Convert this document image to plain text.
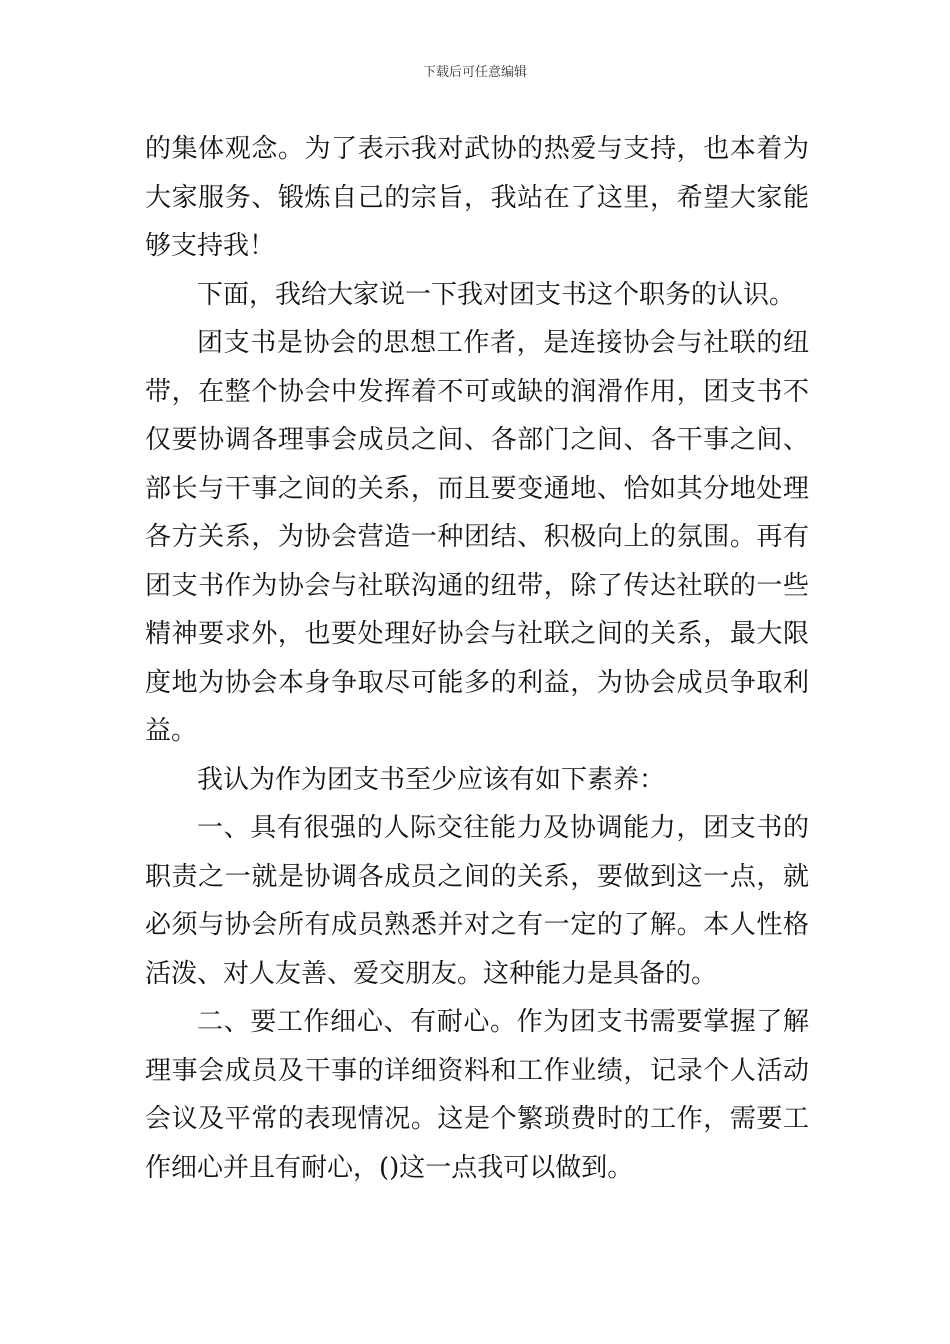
下载后可任意编辑
的集体观念。为了表示我对武协的热爱与支持，也本着为
大家服务、锻炼自己的宗旨，我站在了这里，希望大家能
够支持我！
下面，我给大家说一下我对团支书这个职务的认识。
团支书是协会的思想工作者，是连接协会与社联的纽
带，在整个协会中发挥着不可或缺的润滑作用，团支书不
仅要协调各理事会成员之间、各部门之间、各干事之间、
部长与干事之间的关系，而且要变通地、恰如其分地处理
各方关系，为协会营造一种团结、积极向上的氛围。再有
团支书作为协会与社联沟通的纽带，除了传达社联的一些
精神要求外，也要处理好协会与社联之间的关系，最大限
度地为协会本身争取尽可能多的利益，为协会成员争取利
益。
我认为作为团支书至少应该有如下素养：
一、具有很强的人际交往能力及协调能力，团支书的
职责之一就是协调各成员之间的关系，要做到这一点，就
必须与协会所有成员熟悉并对之有一定的了解。本人性格
活泼、对人友善、爱交朋友。这种能力是具备的。
二、要工作细心、有耐心。作为团支书需要掌握了解
理事会成员及干事的详细资料和工作业绩，记录个人活动
会议及平常的表现情况。这是个繁琐费时的工作，需要工
作细心并且有耐心，()这一点我可以做到。
